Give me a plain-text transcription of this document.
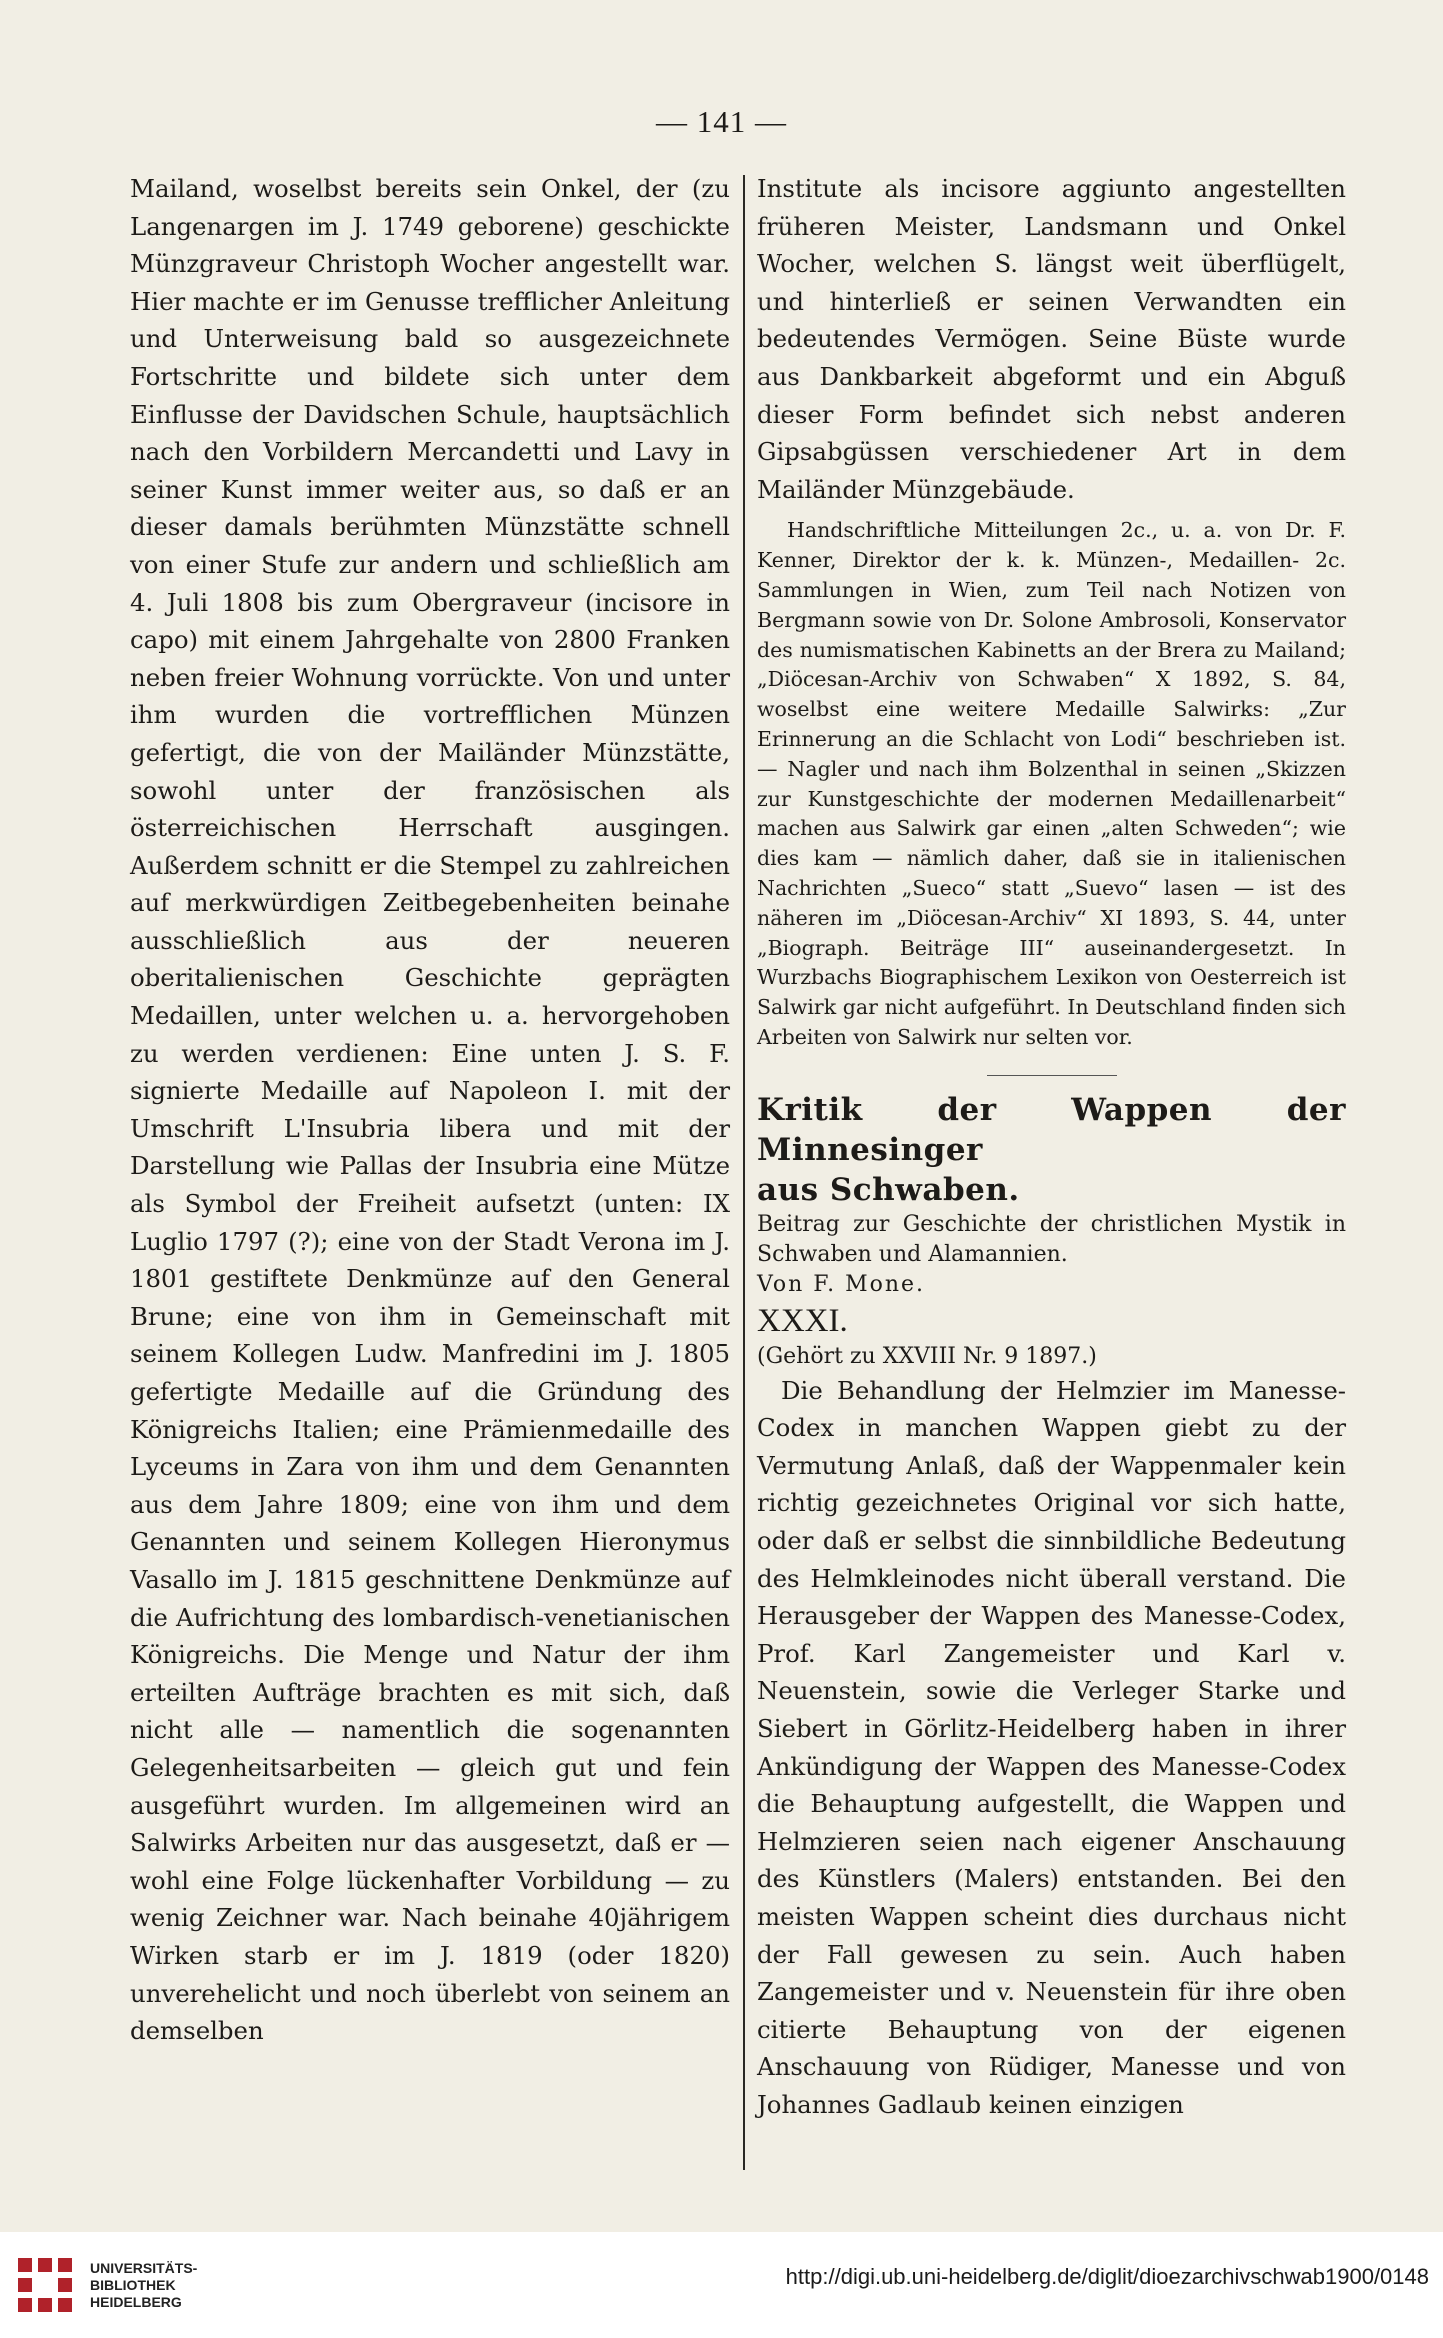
— 141 —

Mailand, woselbst bereits sein Onkel, der (zu Langenargen im J. 1749 geborene) geschickte Münzgraveur Christoph Wocher angestellt war. Hier machte er im Genusse trefflicher Anleitung und Unterweisung bald so ausgezeichnete Fortschritte und bildete sich unter dem Einflusse der Davidschen Schule, hauptsächlich nach den Vorbildern Mercandetti und Lavy in seiner Kunst immer weiter aus, so daß er an dieser damals berühmten Münzstätte schnell von einer Stufe zur andern und schließlich am 4. Juli 1808 bis zum Obergraveur (incisore in capo) mit einem Jahrgehalte von 2800 Franken neben freier Wohnung vorrückte. Von und unter ihm wurden die vortrefflichen Münzen gefertigt, die von der Mailänder Münzstätte, sowohl unter der französischen als österreichischen Herrschaft ausgingen. Außerdem schnitt er die Stempel zu zahlreichen auf merkwürdigen Zeitbegebenheiten beinahe ausschließlich aus der neueren oberitalienischen Geschichte geprägten Medaillen, unter welchen u. a. hervorgehoben zu werden verdienen: Eine unten J. S. F. signierte Medaille auf Napoleon I. mit der Umschrift L'Insubria libera und mit der Darstellung wie Pallas der Insubria eine Mütze als Symbol der Freiheit aufsetzt (unten: IX Luglio 1797 (?); eine von der Stadt Verona im J. 1801 gestiftete Denkmünze auf den General Brune; eine von ihm in Gemeinschaft mit seinem Kollegen Ludw. Manfredini im J. 1805 gefertigte Medaille auf die Gründung des Königreichs Italien; eine Prämienmedaille des Lyceums in Zara von ihm und dem Genannten aus dem Jahre 1809; eine von ihm und dem Genannten und seinem Kollegen Hieronymus Vasallo im J. 1815 geschnittene Denkmünze auf die Aufrichtung des lombardisch-venetianischen Königreichs. Die Menge und Natur der ihm erteilten Aufträge brachten es mit sich, daß nicht alle — namentlich die sogenannten Gelegenheitsarbeiten — gleich gut und fein ausgeführt wurden. Im allgemeinen wird an Salwirks Arbeiten nur das ausgesetzt, daß er — wohl eine Folge lückenhafter Vorbildung — zu wenig Zeichner war. Nach beinahe 40jährigem Wirken starb er im J. 1819 (oder 1820) unverehelicht und noch überlebt von seinem an demselben

Institute als incisore aggiunto angestellten früheren Meister, Landsmann und Onkel Wocher, welchen S. längst weit überflügelt, und hinterließ er seinen Verwandten ein bedeutendes Vermögen. Seine Büste wurde aus Dankbarkeit abgeformt und ein Abguß dieser Form befindet sich nebst anderen Gipsabgüssen verschiedener Art in dem Mailänder Münzgebäude.

Handschriftliche Mitteilungen 2c., u. a. von Dr. F. Kenner, Direktor der k. k. Münzen-, Medaillen- 2c. Sammlungen in Wien, zum Teil nach Notizen von Bergmann sowie von Dr. Solone Ambrosoli, Konservator des numismatischen Kabinetts an der Brera zu Mailand; „Diöcesan-Archiv von Schwaben“ X 1892, S. 84, woselbst eine weitere Medaille Salwirks: „Zur Erinnerung an die Schlacht von Lodi“ beschrieben ist. — Nagler und nach ihm Bolzenthal in seinen „Skizzen zur Kunstgeschichte der modernen Medaillenarbeit“ machen aus Salwirk gar einen „alten Schweden“; wie dies kam — nämlich daher, daß sie in italienischen Nachrichten „Sueco“ statt „Suevo“ lasen — ist des näheren im „Diöcesan-Archiv“ XI 1893, S. 44, unter „Biograph. Beiträge III“ auseinandergesetzt. In Wurzbachs Biographischem Lexikon von Oesterreich ist Salwirk gar nicht aufgeführt. In Deutschland finden sich Arbeiten von Salwirk nur selten vor.

Kritik der Wappen der Minnesinger

aus Schwaben.

Beitrag zur Geschichte der christlichen Mystik in Schwaben und Alamannien.

Von F. Mone.

XXXI.

(Gehört zu XXVIII Nr. 9 1897.)

Die Behandlung der Helmzier im Manesse-Codex in manchen Wappen giebt zu der Vermutung Anlaß, daß der Wappenmaler kein richtig gezeichnetes Original vor sich hatte, oder daß er selbst die sinnbildliche Bedeutung des Helmkleinodes nicht überall verstand. Die Herausgeber der Wappen des Manesse-Codex, Prof. Karl Zangemeister und Karl v. Neuenstein, sowie die Verleger Starke und Siebert in Görlitz-Heidelberg haben in ihrer Ankündigung der Wappen des Manesse-Codex die Behauptung aufgestellt, die Wappen und Helmzieren seien nach eigener Anschauung des Künstlers (Malers) entstanden. Bei den meisten Wappen scheint dies durchaus nicht der Fall gewesen zu sein. Auch haben Zangemeister und v. Neuenstein für ihre oben citierte Behauptung von der eigenen Anschauung von Rüdiger, Manesse und von Johannes Gadlaub keinen einzigen

UNIVERSITÄTS-
BIBLIOTHEK
HEIDELBERG
http://digi.ub.uni-heidelberg.de/diglit/dioezarchivschwab1900/0148
